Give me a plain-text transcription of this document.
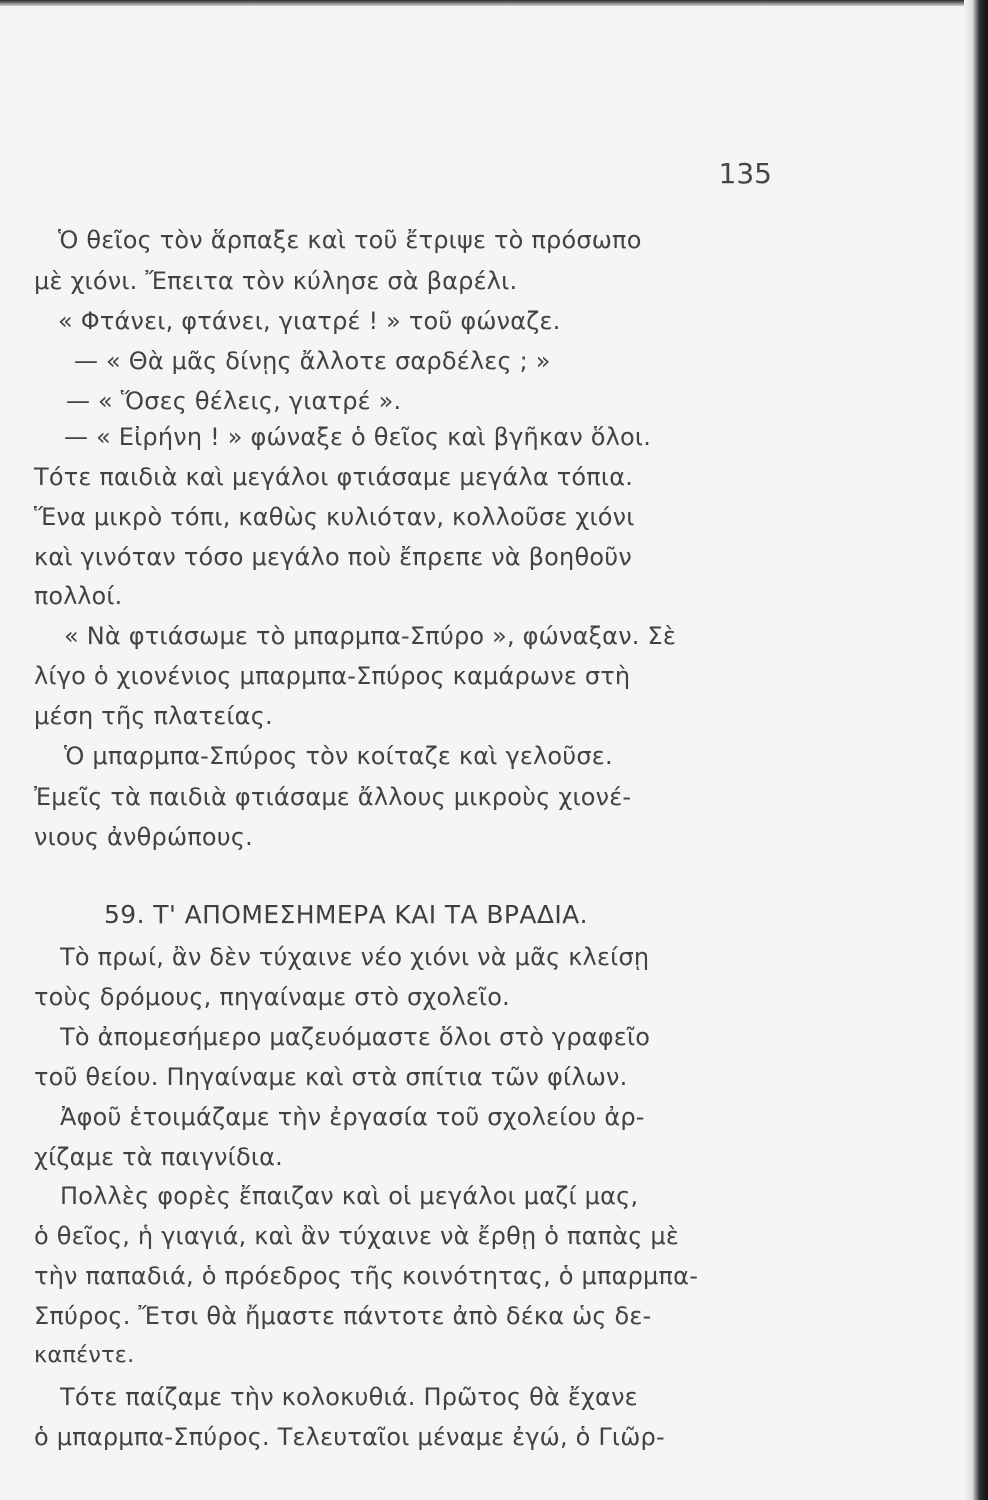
135
Ὁ θεῖος τὸν ἅρπαξε καὶ τοῦ ἔτριψε τὸ πρόσωπο
μὲ χιόνι. Ἔπειτα τὸν κύλησε σὰ βαρέλι.
« Φτάνει, φτάνει, γιατρέ ! » τοῦ φώναζε.
— « Θὰ μᾶς δίνῃς ἄλλοτε σαρδέλες ; »
— « Ὅσες θέλεις, γιατρέ ».
— « Εἰρήνη ! » φώναξε ὁ θεῖος καὶ βγῆκαν ὅλοι.
Τότε παιδιὰ καὶ μεγάλοι φτιάσαμε μεγάλα τόπια.
Ἕνα μικρὸ τόπι, καθὼς κυλιόταν, κολλοῦσε χιόνι
καὶ γινόταν τόσο μεγάλο ποὺ ἔπρεπε νὰ βοηθοῦν
πολλοί.
« Νὰ φτιάσωμε τὸ μπαρμπα-Σπύρο », φώναξαν. Σὲ
λίγο ὁ χιονένιος μπαρμπα-Σπύρος καμάρωνε στὴ
μέση τῆς πλατείας.
Ὁ μπαρμπα-Σπύρος τὸν κοίταζε καὶ γελοῦσε.
Ἐμεῖς τὰ παιδιὰ φτιάσαμε ἄλλους μικροὺς χιονέ-
νιους ἀνθρώπους.
59. Τ' ΑΠΟΜΕΣΗΜΕΡΑ ΚΑΙ ΤΑ ΒΡΑΔΙΑ.
Τὸ πρωί, ἂν δὲν τύχαινε νέο χιόνι νὰ μᾶς κλείσῃ
τοὺς δρόμους, πηγαίναμε στὸ σχολεῖο.
Τὸ ἀπομεσήμερο μαζευόμαστε ὅλοι στὸ γραφεῖο
τοῦ θείου. Πηγαίναμε καὶ στὰ σπίτια τῶν φίλων.
Ἀφοῦ ἑτοιμάζαμε τὴν ἐργασία τοῦ σχολείου ἀρ-
χίζαμε τὰ παιγνίδια.
Πολλὲς φορὲς ἔπαιζαν καὶ οἱ μεγάλοι μαζί μας,
ὁ θεῖος, ἡ γιαγιά, καὶ ἂν τύχαινε νὰ ἔρθῃ ὁ παπὰς μὲ
τὴν παπαδιά, ὁ πρόεδρος τῆς κοινότητας, ὁ μπαρμπα-
Σπύρος. Ἔτσι θὰ ἤμαστε πάντοτε ἀπὸ δέκα ὡς δε-
καπέντε.
Τότε παίζαμε τὴν κολοκυθιά. Πρῶτος θὰ ἔχανε
ὁ μπαρμπα-Σπύρος. Τελευταῖοι μέναμε ἐγώ, ὁ Γιῶρ-
